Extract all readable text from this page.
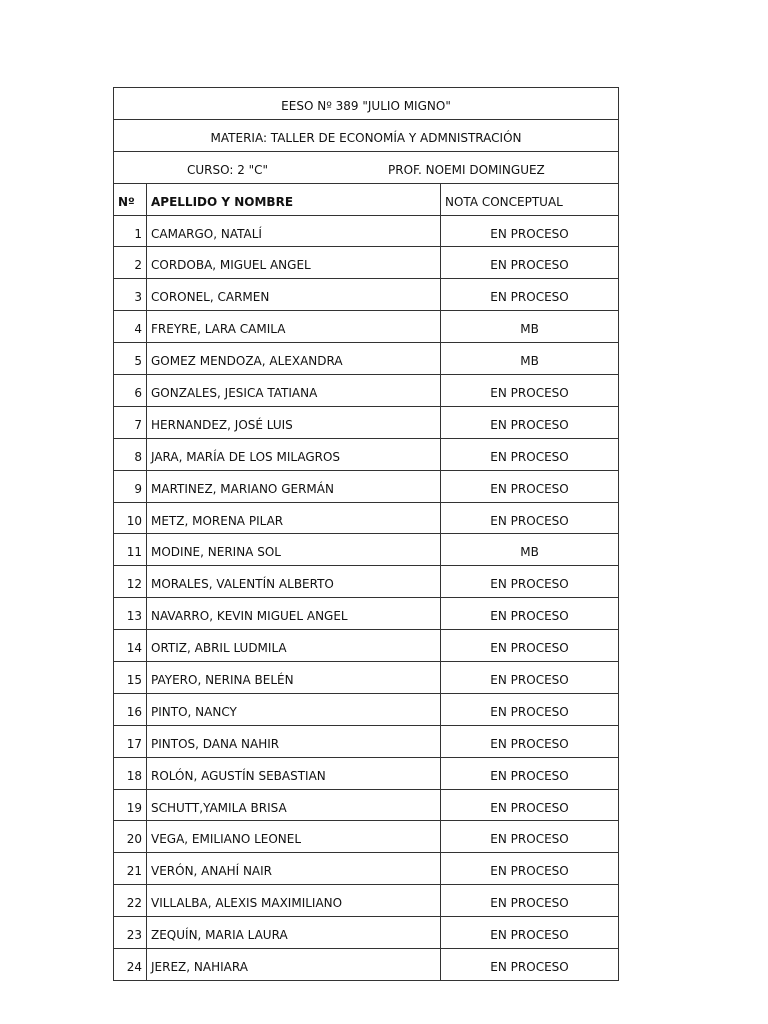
EESO Nº 389 "JULIO MIGNO"		
MATERIA: TALLER DE ECONOMÍA Y ADMNISTRACIÓN		

CURSO: 2 "C" PROF. NOEMI DOMINGUEZ		

Nº	APELLIDO Y NOMBRE	NOTA CONCEPTUAL
1	CAMARGO, NATALÍ	EN PROCESO
2	CORDOBA, MIGUEL ANGEL	EN PROCESO
3	CORONEL, CARMEN	EN PROCESO
4	FREYRE, LARA CAMILA	MB
5	GOMEZ MENDOZA, ALEXANDRA	MB
6	GONZALES, JESICA TATIANA	EN PROCESO
7	HERNANDEZ, JOSÉ LUIS	EN PROCESO
8	JARA, MARÍA DE LOS MILAGROS	EN PROCESO
9	MARTINEZ, MARIANO GERMÁN	EN PROCESO
10	METZ, MORENA PILAR	EN PROCESO
11	MODINE, NERINA SOL	MB
12	MORALES, VALENTÍN ALBERTO	EN PROCESO
13	NAVARRO, KEVIN MIGUEL ANGEL	EN PROCESO
14	ORTIZ, ABRIL LUDMILA	EN PROCESO
15	PAYERO, NERINA BELÉN	EN PROCESO
16	PINTO, NANCY	EN PROCESO
17	PINTOS, DANA NAHIR	EN PROCESO
18	ROLÓN, AGUSTÍN SEBASTIAN	EN PROCESO
19	SCHUTT,YAMILA BRISA	EN PROCESO
20	VEGA, EMILIANO LEONEL	EN PROCESO
21	VERÓN, ANAHÍ NAIR	EN PROCESO
22	VILLALBA, ALEXIS MAXIMILIANO	EN PROCESO
23	ZEQUÍN, MARIA LAURA	EN PROCESO
24	JEREZ, NAHIARA	EN PROCESO
